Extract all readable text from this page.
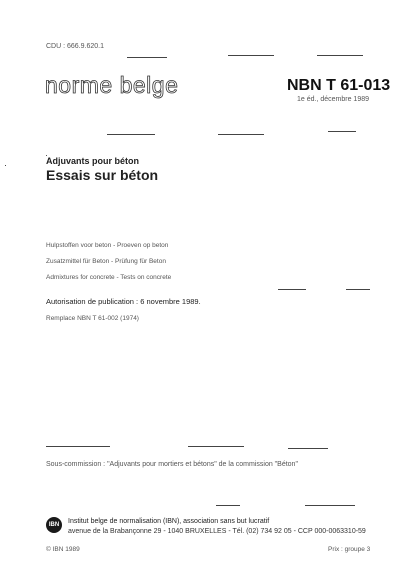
CDU : 666.9.620.1
norme belge	NBN T 61-013
1e éd., décembre 1989
Adjuvants pour béton
Essais sur béton
Hulpstoffen voor beton - Proeven op beton
Zusatzmittel für Beton - Prüfung für Beton
Admixtures for concrete - Tests on concrete
Autorisation de publication : 6 novembre 1989.
Remplace NBN T 61-002 (1974)
Sous-commission : "Adjuvants pour mortiers et bétons" de la commission "Béton"
IBN	Institut belge de normalisation (IBN), association sans but lucratif
avenue de la Brabançonne 29 - 1040 BRUXELLES - Tél. (02) 734 92 05 - CCP 000-0063310-59
© IBN 1989	Prix : groupe 3
